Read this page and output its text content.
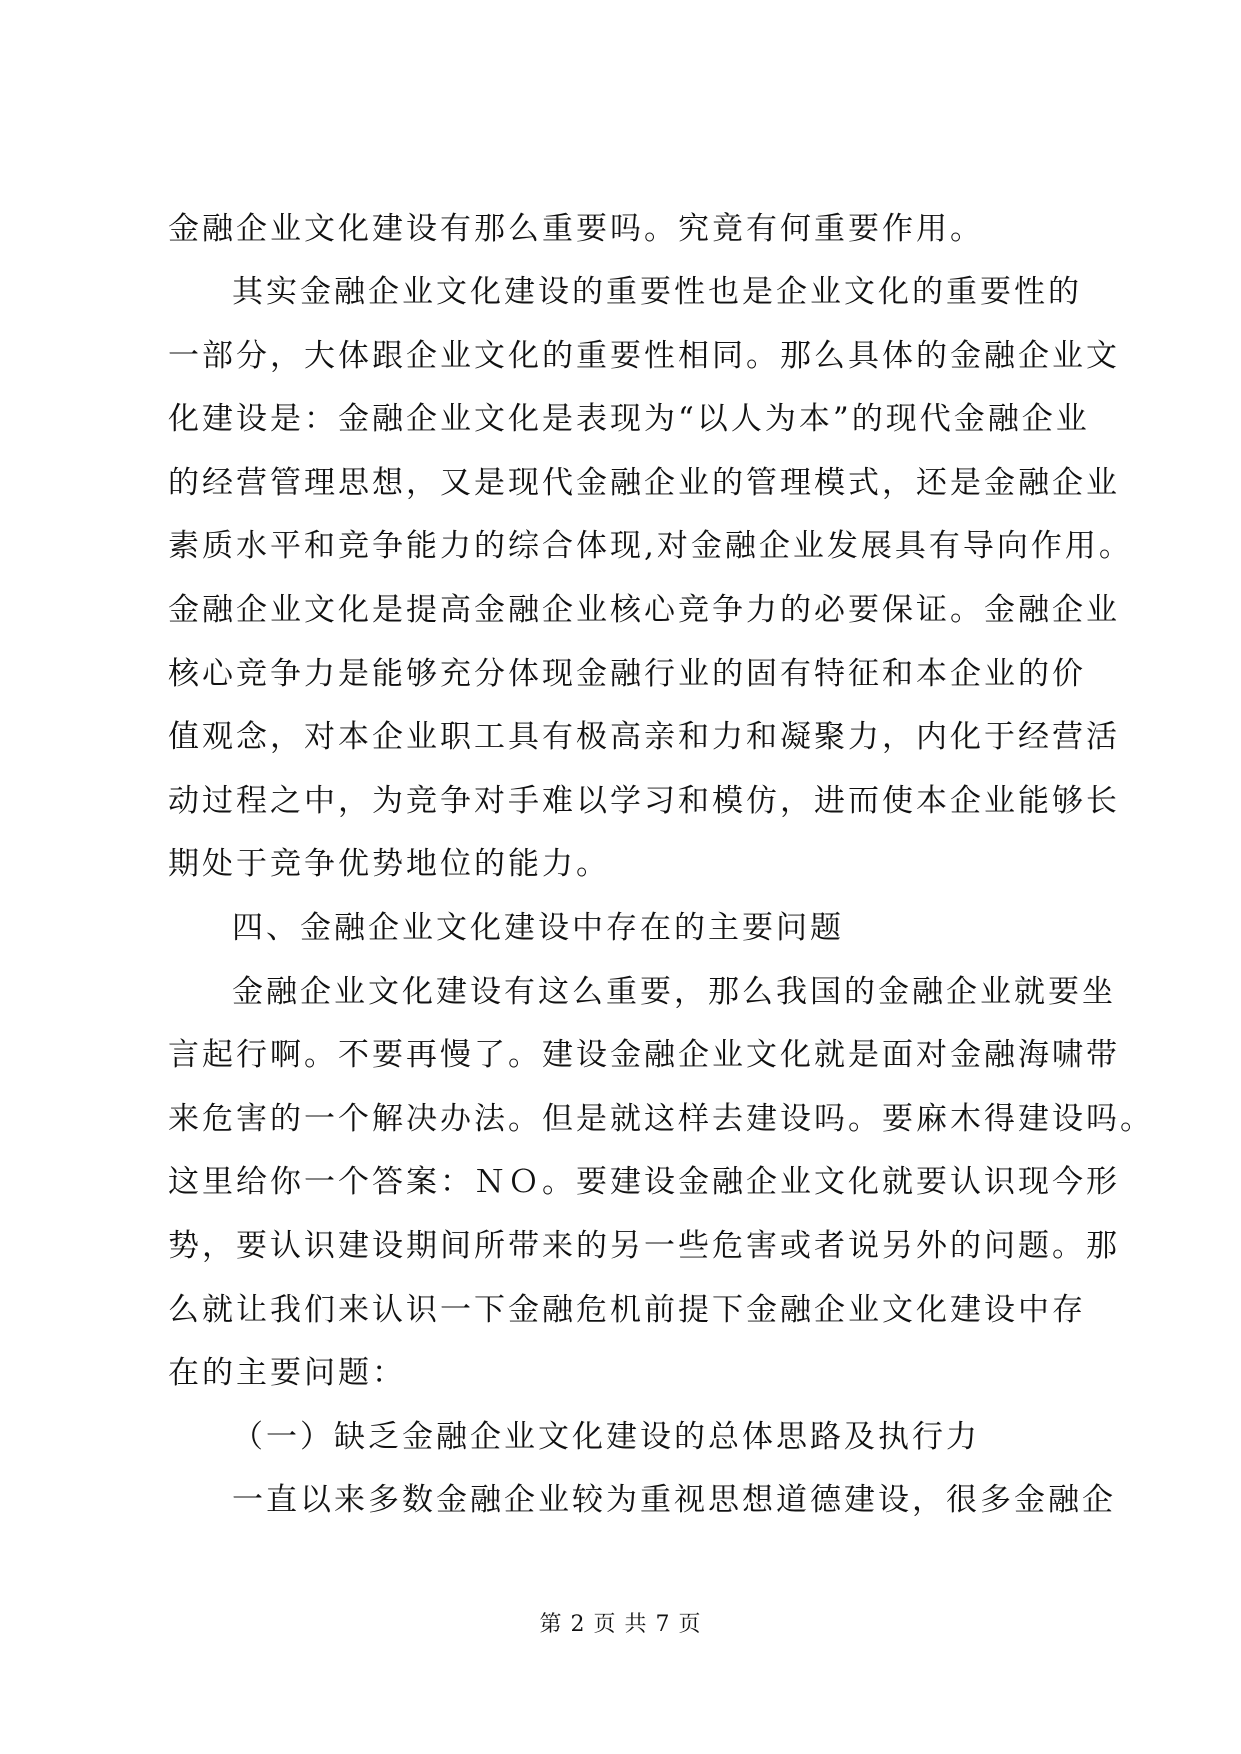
金融企业文化建设有那么重要吗。究竟有何重要作用。
其实金融企业文化建设的重要性也是企业文化的重要性的
一部分，大体跟企业文化的重要性相同。那么具体的金融企业文
化建设是：金融企业文化是表现为“以人为本”的现代金融企业
的经营管理思想，又是现代金融企业的管理模式，还是金融企业
素质水平和竞争能力的综合体现,对金融企业发展具有导向作用。
金融企业文化是提高金融企业核心竞争力的必要保证。金融企业
核心竞争力是能够充分体现金融行业的固有特征和本企业的价
值观念，对本企业职工具有极高亲和力和凝聚力，内化于经营活
动过程之中，为竞争对手难以学习和模仿，进而使本企业能够长
期处于竞争优势地位的能力。
四、金融企业文化建设中存在的主要问题
金融企业文化建设有这么重要，那么我国的金融企业就要坐
言起行啊。不要再慢了。建设金融企业文化就是面对金融海啸带
来危害的一个解决办法。但是就这样去建设吗。要麻木得建设吗。
这里给你一个答案：ＮＯ。要建设金融企业文化就要认识现今形
势，要认识建设期间所带来的另一些危害或者说另外的问题。那
么就让我们来认识一下金融危机前提下金融企业文化建设中存
在的主要问题：
（一）缺乏金融企业文化建设的总体思路及执行力
一直以来多数金融企业较为重视思想道德建设，很多金融企
第 2 页 共 7 页
